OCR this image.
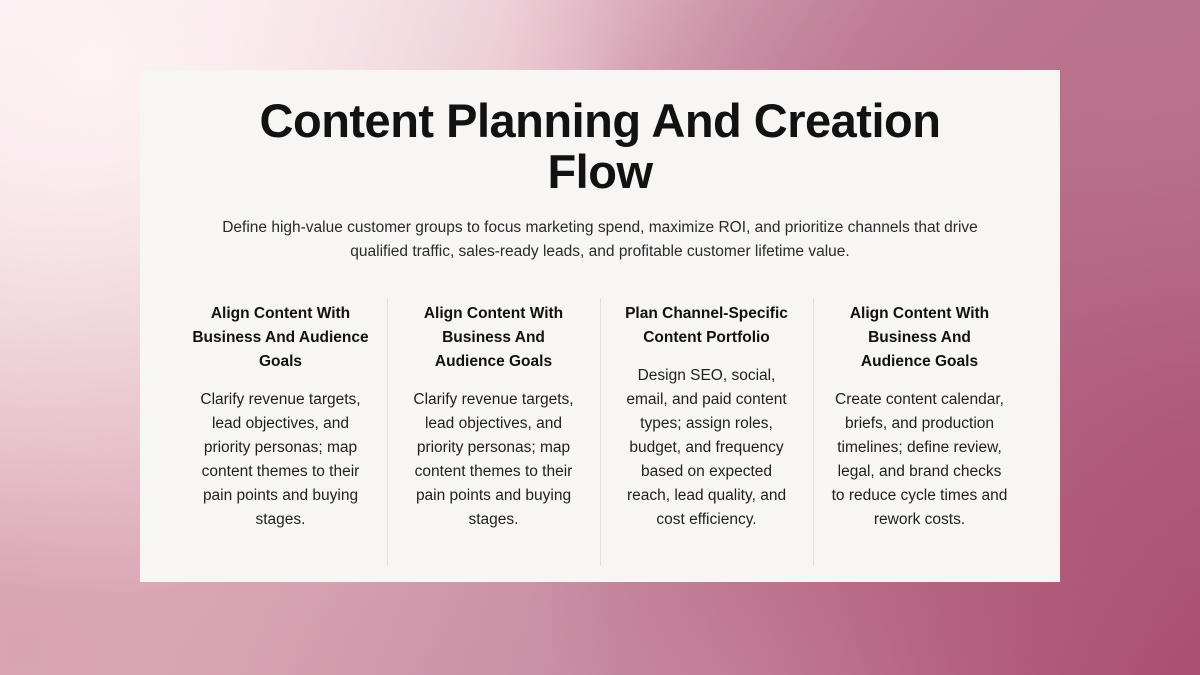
Content Planning And Creation Flow

Define high-value customer groups to focus marketing spend, maximize ROI, and prioritize channels that drive qualified traffic, sales-ready leads, and profitable customer lifetime value.

Align Content With Business And Audience Goals

Clarify revenue targets, lead objectives, and priority personas; map content themes to their pain points and buying stages.

Align Content With Business And Audience Goals

Clarify revenue targets, lead objectives, and priority personas; map content themes to their pain points and buying stages.

Plan Channel-Specific Content Portfolio

Design SEO, social, email, and paid content types; assign roles, budget, and frequency based on expected reach, lead quality, and cost efficiency.

Align Content With Business And Audience Goals

Create content calendar, briefs, and production timelines; define review, legal, and brand checks to reduce cycle times and rework costs.
